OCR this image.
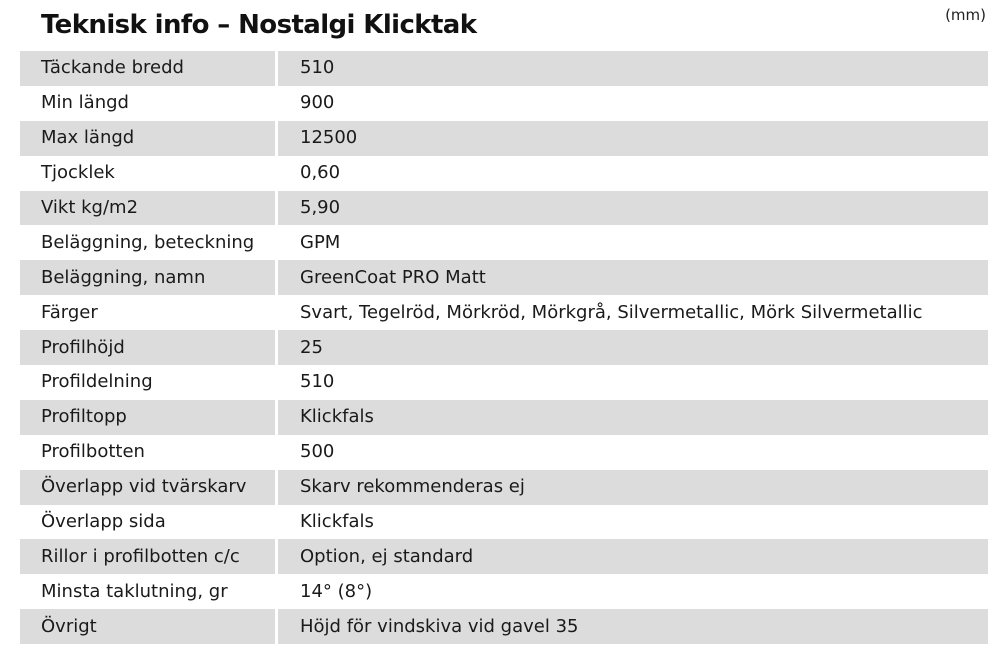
Teknisk info – Nostalgi Klicktak	(mm)
Täckande bredd	510
Min längd	900
Max längd	12500
Tjocklek	0,60
Vikt kg/m2	5,90
Beläggning, beteckning	GPM
Beläggning, namn	GreenCoat PRO Matt
Färger	Svart, Tegelröd, Mörkröd, Mörkgrå, Silvermetallic, Mörk Silvermetallic
Profilhöjd	25
Profildelning	510
Profiltopp	Klickfals
Profilbotten	500
Överlapp vid tvärskarv	Skarv rekommenderas ej
Överlapp sida	Klickfals
Rillor i profilbotten c/c	Option, ej standard
Minsta taklutning, gr	14° (8°)
Övrigt	Höjd för vindskiva vid gavel 35
